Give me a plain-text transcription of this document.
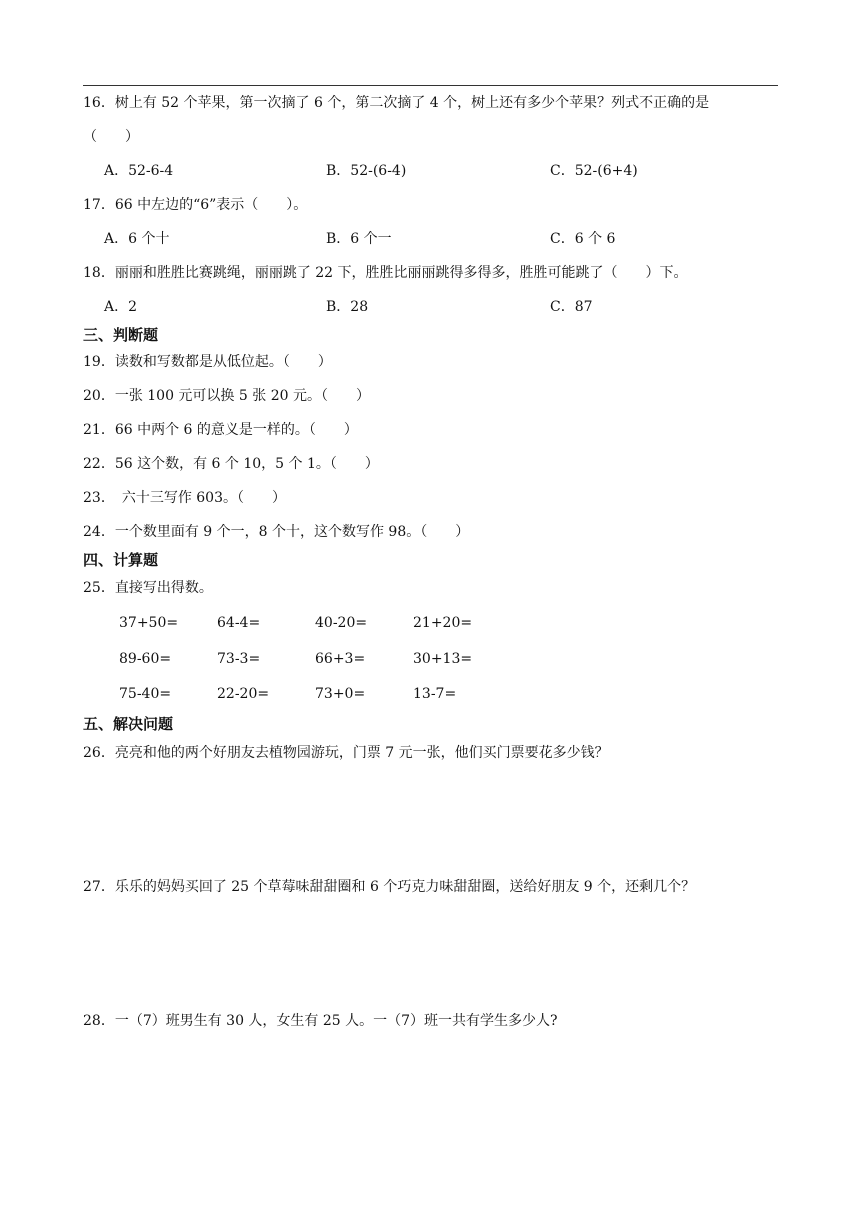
16．树上有 52 个苹果，第一次摘了 6 个，第二次摘了 4 个，树上还有多少个苹果？列式不正确的是
（　　）
A．52-6-4	B．52-(6-4)	C．52-(6+4)
17．66 中左边的“6”表示（　　）。
A．6 个十	B．6 个一	C．6 个 6
18．丽丽和胜胜比赛跳绳，丽丽跳了 22 下，胜胜比丽丽跳得多得多，胜胜可能跳了（　　）下。
A．2	B．28	C．87
三、判断题
19．读数和写数都是从低位起。（　　）
20．一张 100 元可以换 5 张 20 元。（　　）
21．66 中两个 6 的意义是一样的。（　　）
22．56 这个数，有 6 个 10，5 个 1。（　　）
23．　六十三写作 603。（　　）
24．一个数里面有 9 个一，8 个十，这个数写作 98。（　　）
四、计算题
25．直接写出得数。
37+50=	64-4=	40-20=	21+20=
89-60=	73-3=	66+3=	30+13=
75-40=	22-20=	73+0=	13-7=
五、解决问题
26．亮亮和他的两个好朋友去植物园游玩，门票 7 元一张，他们买门票要花多少钱？
27．乐乐的妈妈买回了 25 个草莓味甜甜圈和 6 个巧克力味甜甜圈，送给好朋友 9 个，还剩几个？
28．一（7）班男生有 30 人，女生有 25 人。一（7）班一共有学生多少人?
